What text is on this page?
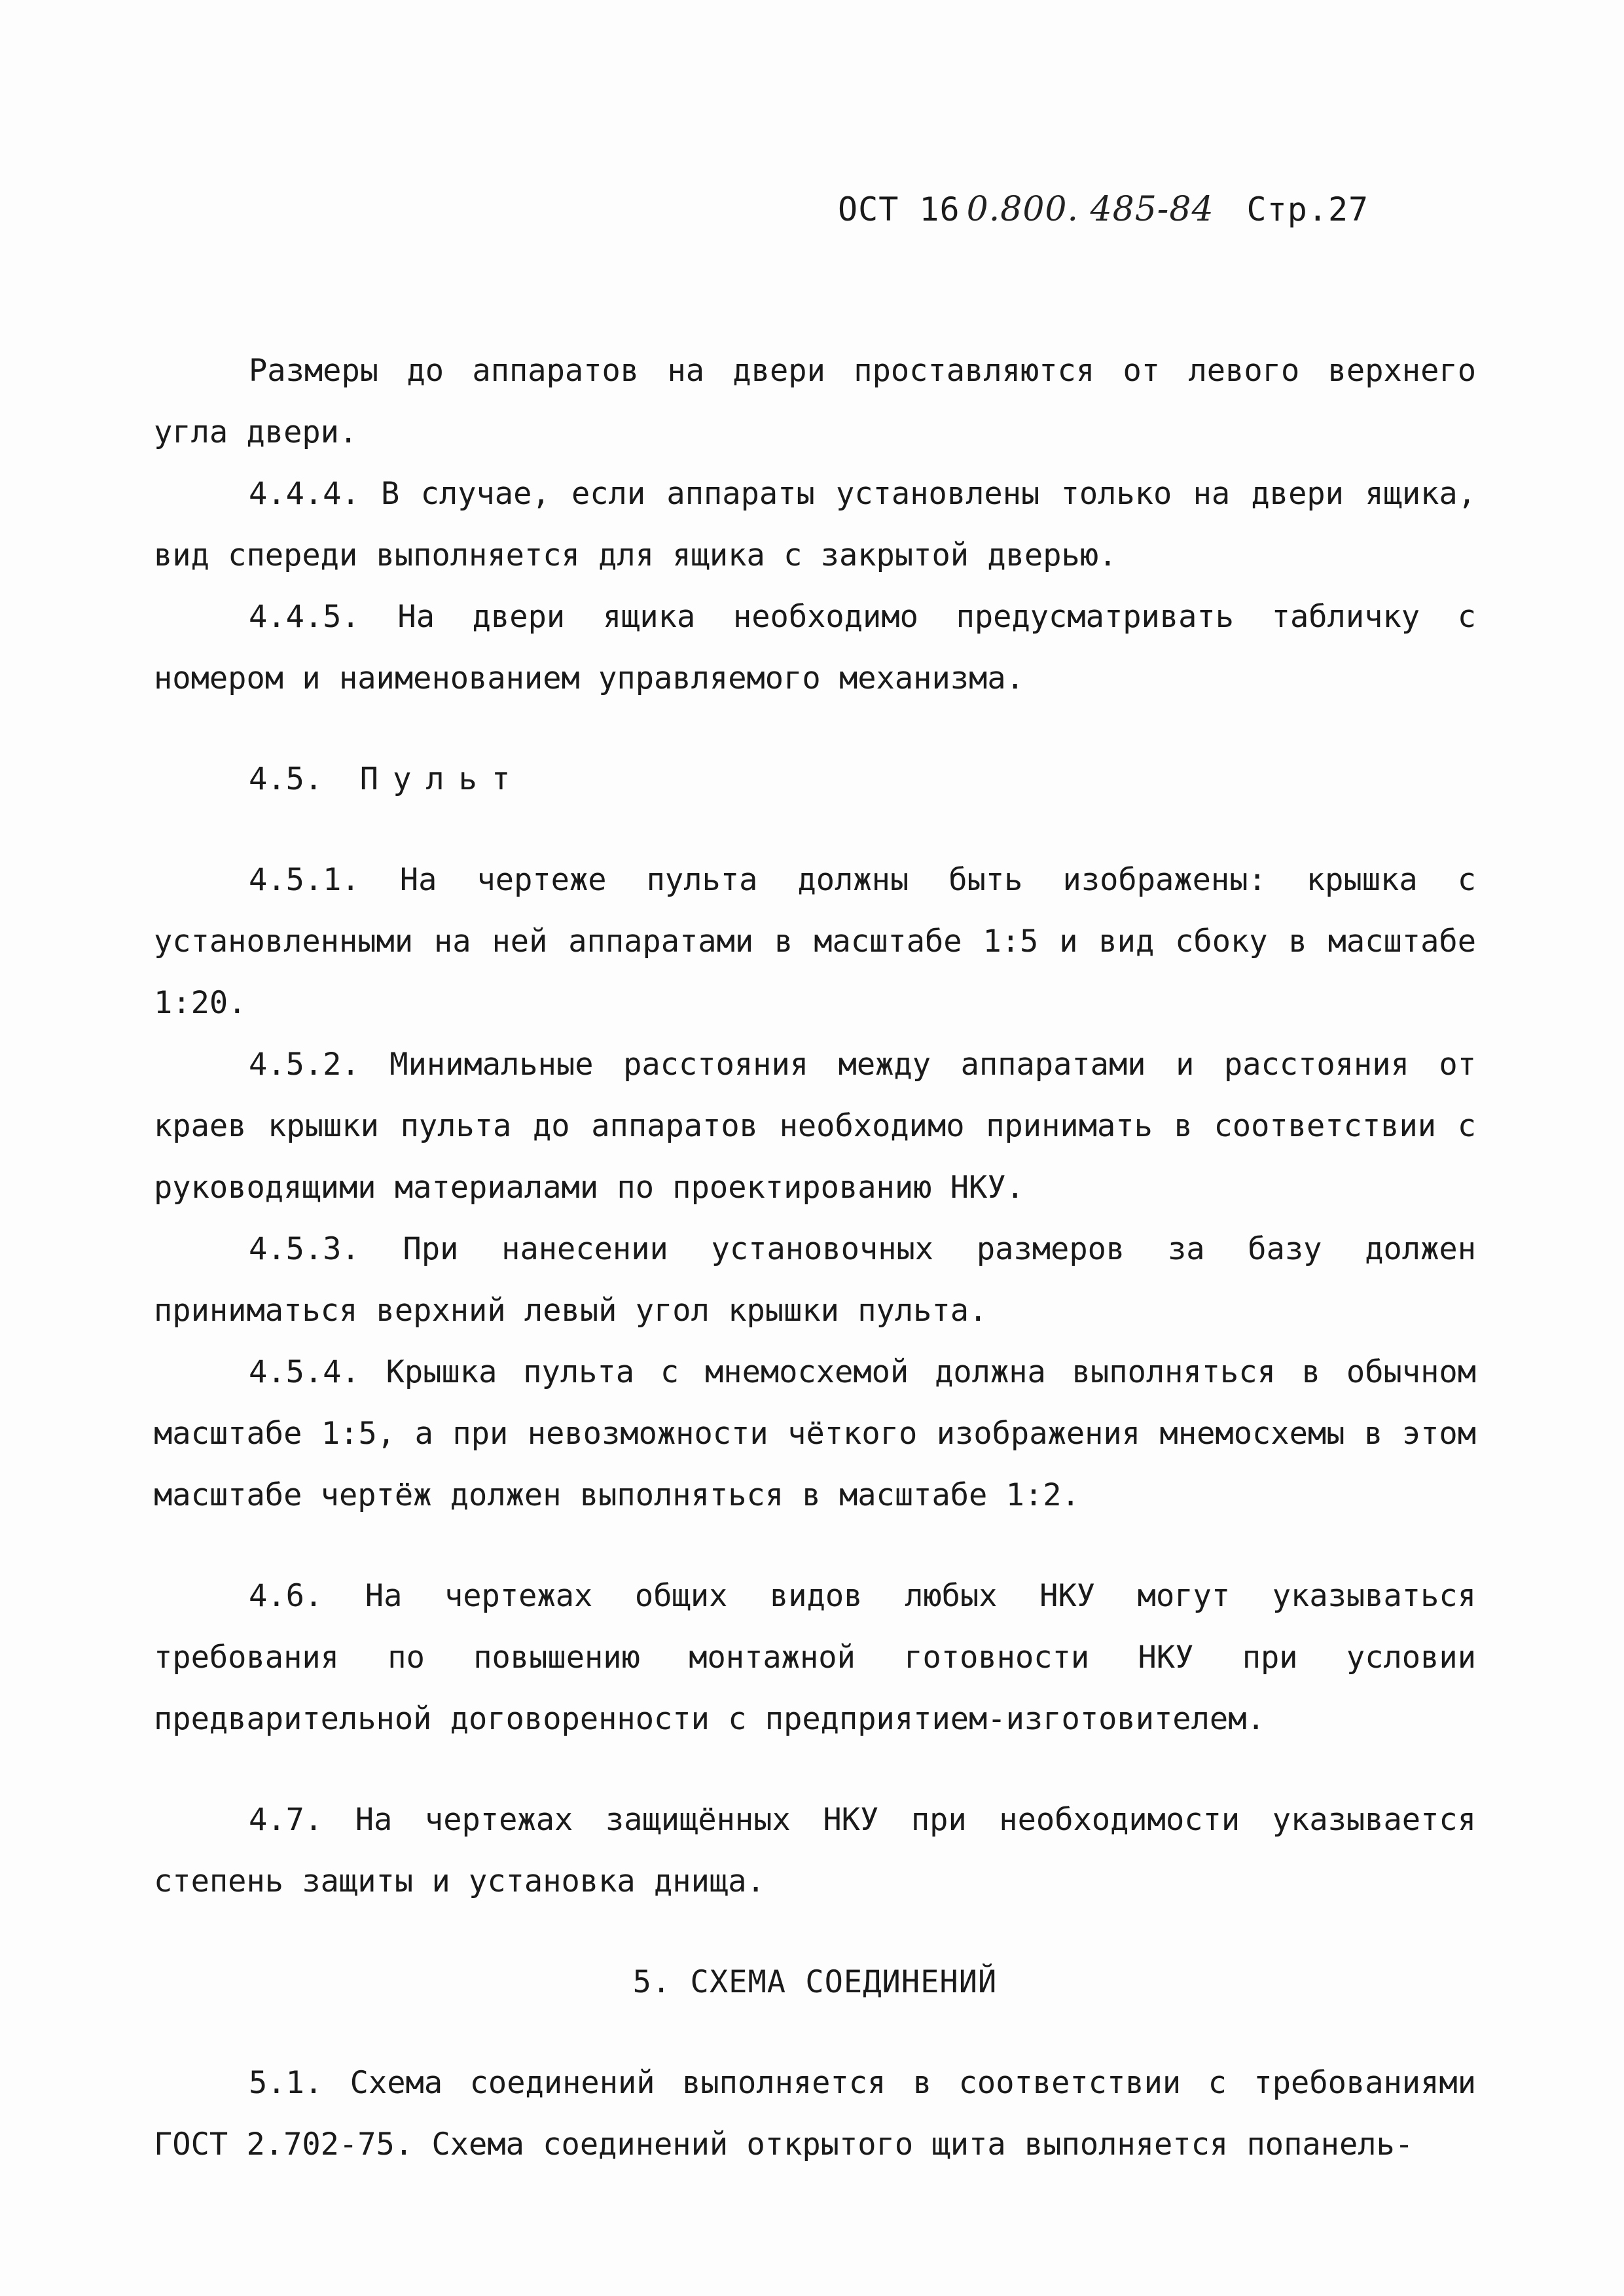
ОСТ 16 0.800. 485-84 Стр.27

Размеры до аппаратов на двери проставляются от левого верхнего угла двери.

4.4.4. В случае, если аппараты установлены только на двери ящика, вид спереди выполняется для ящика с закрытой дверью.

4.4.5. На двери ящика необходимо предусматривать табличку с номером и наименованием управляемого механизма.

4.5. Пульт

4.5.1. На чертеже пульта должны быть изображены: крышка с установленными на ней аппаратами в масштабе 1:5 и вид сбоку в масштабе 1:20.

4.5.2. Минимальные расстояния между аппаратами и расстояния от краев крышки пульта до аппаратов необходимо принимать в соответствии с руководящими материалами по проектированию НКУ.

4.5.3. При нанесении установочных размеров за базу должен приниматься верхний левый угол крышки пульта.

4.5.4. Крышка пульта с мнемосхемой должна выполняться в обычном масштабе 1:5, а при невозможности чёткого изображения мнемосхемы в этом масштабе чертёж должен выполняться в масштабе 1:2.

4.6. На чертежах общих видов любых НКУ могут указываться требования по повышению монтажной готовности НКУ при условии предварительной договоренности с предприятием-изготовителем.

4.7. На чертежах защищённых НКУ при необходимости указывается степень защиты и установка днища.

5. СХЕМА СОЕДИНЕНИЙ

5.1. Схема соединений выполняется в соответствии с требованиями ГОСТ 2.702-75. Схема соединений открытого щита выполняется попанель-
